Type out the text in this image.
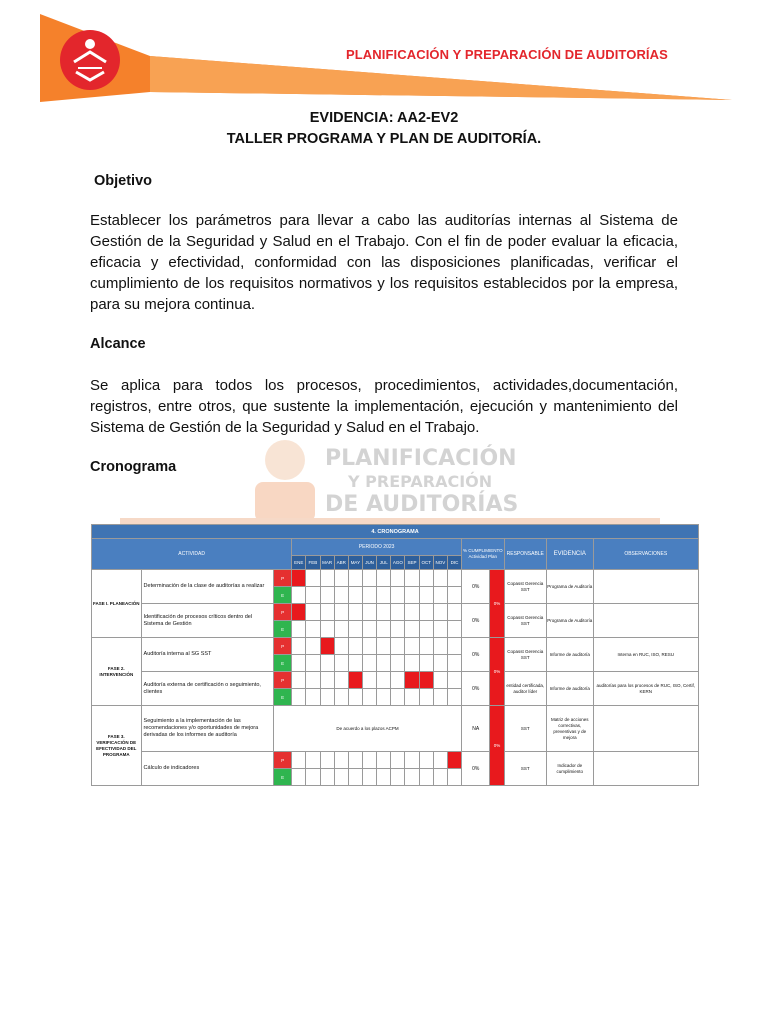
PLANIFICACIÓN Y PREPARACIÓN DE AUDITORÍAS
EVIDENCIA: AA2-EV2
TALLER PROGRAMA Y PLAN DE AUDITORÍA.
Objetivo
Establecer los parámetros para llevar a cabo las auditorías internas al Sistema de Gestión de la Seguridad y Salud en el Trabajo. Con el fin de poder evaluar la eficacia, eficacia y efectividad, conformidad con las disposiciones planificadas, verificar el cumplimiento de los requisitos normativos y los requisitos establecidos por la empresa, para su mejora continua.
Alcance
Se aplica para todos los procesos, procedimientos, actividades,documentación, registros, entre otros, que sustente la implementación, ejecución y mantenimiento del Sistema de Gestión de la Seguridad y Salud en el Trabajo.
PLANIFICACIÓN
Y PREPARACIÓN
DE AUDITORÍAS
Cronograma
4. CRONOGRAMA																			
ACTIVIDAD			PERIODO 2023												% CUMPLIMIENTO Actividad Plan		RESPONSABLE	EVIDENCIA	OBSERVACIONES
			ENE	FEB	MAR	ABR	MAY	JUN	JUL	AGO	SEP	OCT	NOV	DIC					
FASE I. PLANEACIÓN	Determinación de la clase de auditorías a realizar	P													0%	0%	Copasst Gerencia SST	Programa de Auditoría	
		E																	
	Identificación de procesos críticos dentro del Sistema de Gestión	P													0%		Copasst Gerencia SST	Programa de Auditoría	
		E																	
FASE 2. INTERVENCIÓN	Auditoría interna al SG SST	P													0%	0%	Copasst Gerencia SST	Informe de auditoría	Interna en RUC, ISO, RESU
		E																	
	Auditoría externa de certificación o seguimiento, clientes	P													0%		entidad certificada, auditor líder	Informe de auditoría	auditorías para los procesos de RUC, ISO, Certif, KERN
		E																	
FASE 3. VERIFICACIÓN DE EFECTIVIDAD DEL PROGRAMA	Seguimiento a la implementación de las recomendaciones y/o oportunidades de mejora derivadas de los informes de auditoría	De acuerdo a los plazos ACPM													NA	0%	SST	Matriz de acciones correctivas, preventivas y de mejora	
	Cálculo de indicadores	P													0%		SST	Indicador de cumplimiento	
		E																	
